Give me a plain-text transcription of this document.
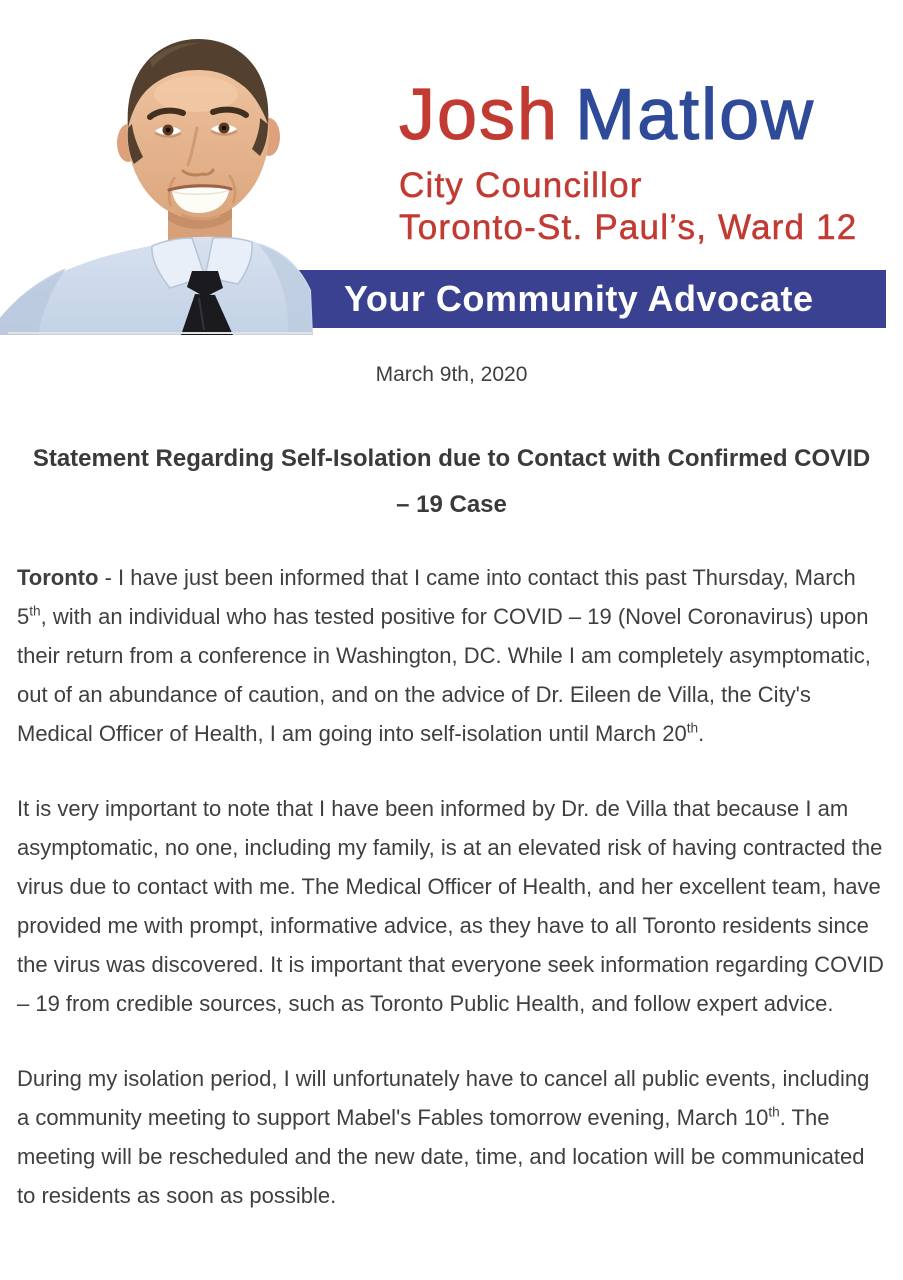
Josh Matlow
City Councillor
Toronto-St. Paul’s, Ward 12
Your Community Advocate
March 9th, 2020
Statement Regarding Self-Isolation due to Contact with Confirmed COVID
– 19 Case

Toronto - I have just been informed that I came into contact this past Thursday, March 5th, with an individual who has tested positive for COVID – 19 (Novel Coronavirus) upon their return from a conference in Washington, DC. While I am completely asymptomatic, out of an abundance of caution, and on the advice of Dr. Eileen de Villa, the City's Medical Officer of Health, I am going into self-isolation until March 20th.

It is very important to note that I have been informed by Dr. de Villa that because I am asymptomatic, no one, including my family, is at an elevated risk of having contracted the virus due to contact with me. The Medical Officer of Health, and her excellent team, have provided me with prompt, informative advice, as they have to all Toronto residents since the virus was discovered. It is important that everyone seek information regarding COVID – 19 from credible sources, such as Toronto Public Health, and follow expert advice.

During my isolation period, I will unfortunately have to cancel all public events, including a community meeting to support Mabel's Fables tomorrow evening, March 10th. The meeting will be rescheduled and the new date, time, and location will be communicated to residents as soon as possible.
